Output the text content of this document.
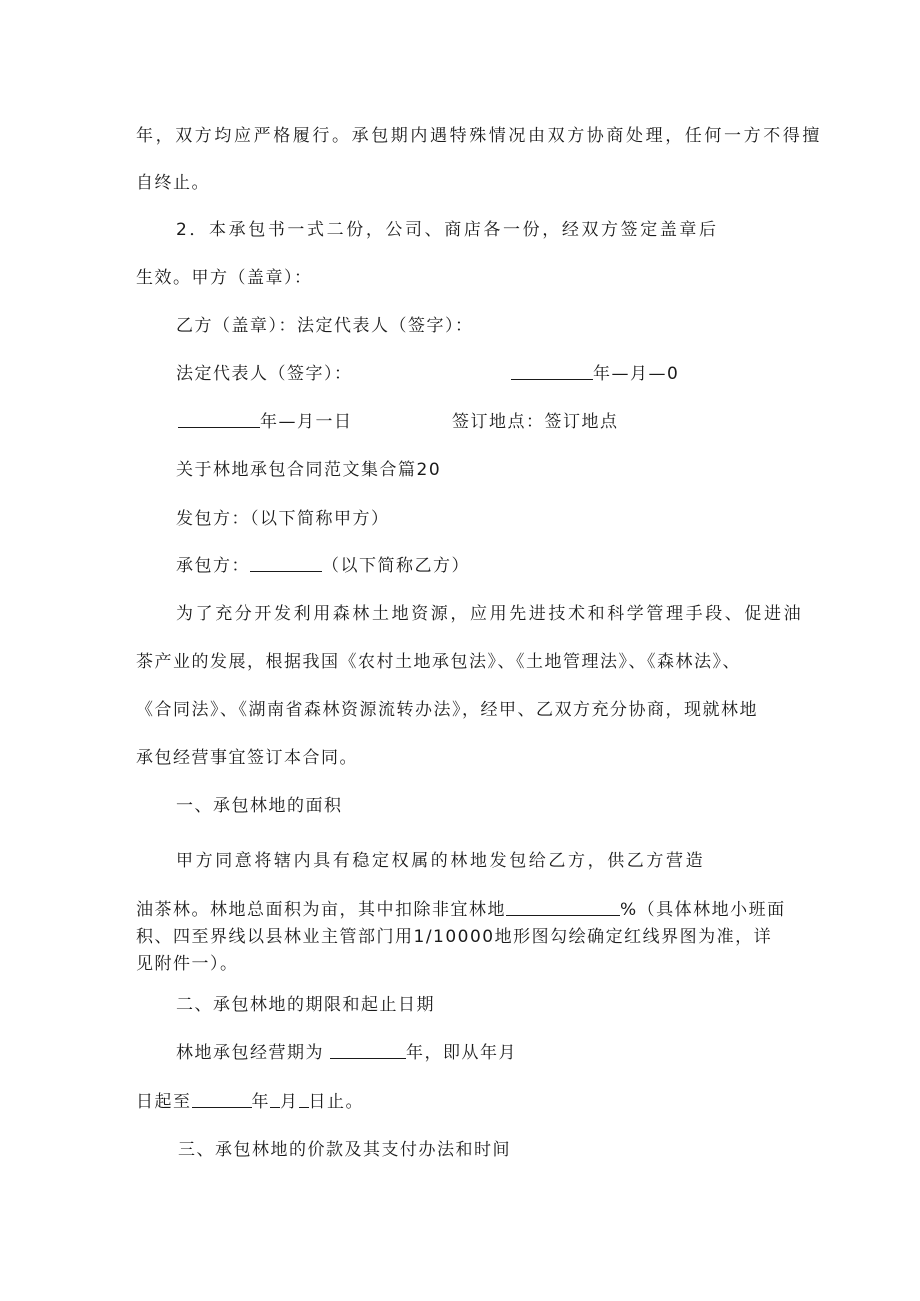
年，双方均应严格履行。承包期内遇特殊情况由双方协商处理，任何一方不得擅
自终止。
2．本承包书一式二份，公司、商店各一份，经双方签定盖章后
生效。甲方（盖章）：
乙方（盖章）：法定代表人（签字）：
法定代表人（签字）：	年—月—0
年—月一日	签订地点：签订地点
关于林地承包合同范文集合篇20
发包方：（以下简称甲方）
承包方：	（以下简称乙方）
为了充分开发利用森林土地资源，应用先进技术和科学管理手段、促进油
茶产业的发展，根据我国《农村土地承包法》、《土地管理法》、《森林法》、
《合同法》、《湖南省森林资源流转办法》，经甲、乙双方充分协商，现就林地
承包经营事宜签订本合同。
一、承包林地的面积
甲方同意将辖内具有稳定权属的林地发包给乙方，供乙方营造
油茶林。林地总面积为亩，其中扣除非宜林地	%（具体林地小班面
积、四至界线以县林业主管部门用1/10000地形图勾绘确定红线界图为准，详
见附件一）。
二、承包林地的期限和起止日期
林地承包经营期为	年，即从年月
日起至	年 月 日止。
三、承包林地的价款及其支付办法和时间
